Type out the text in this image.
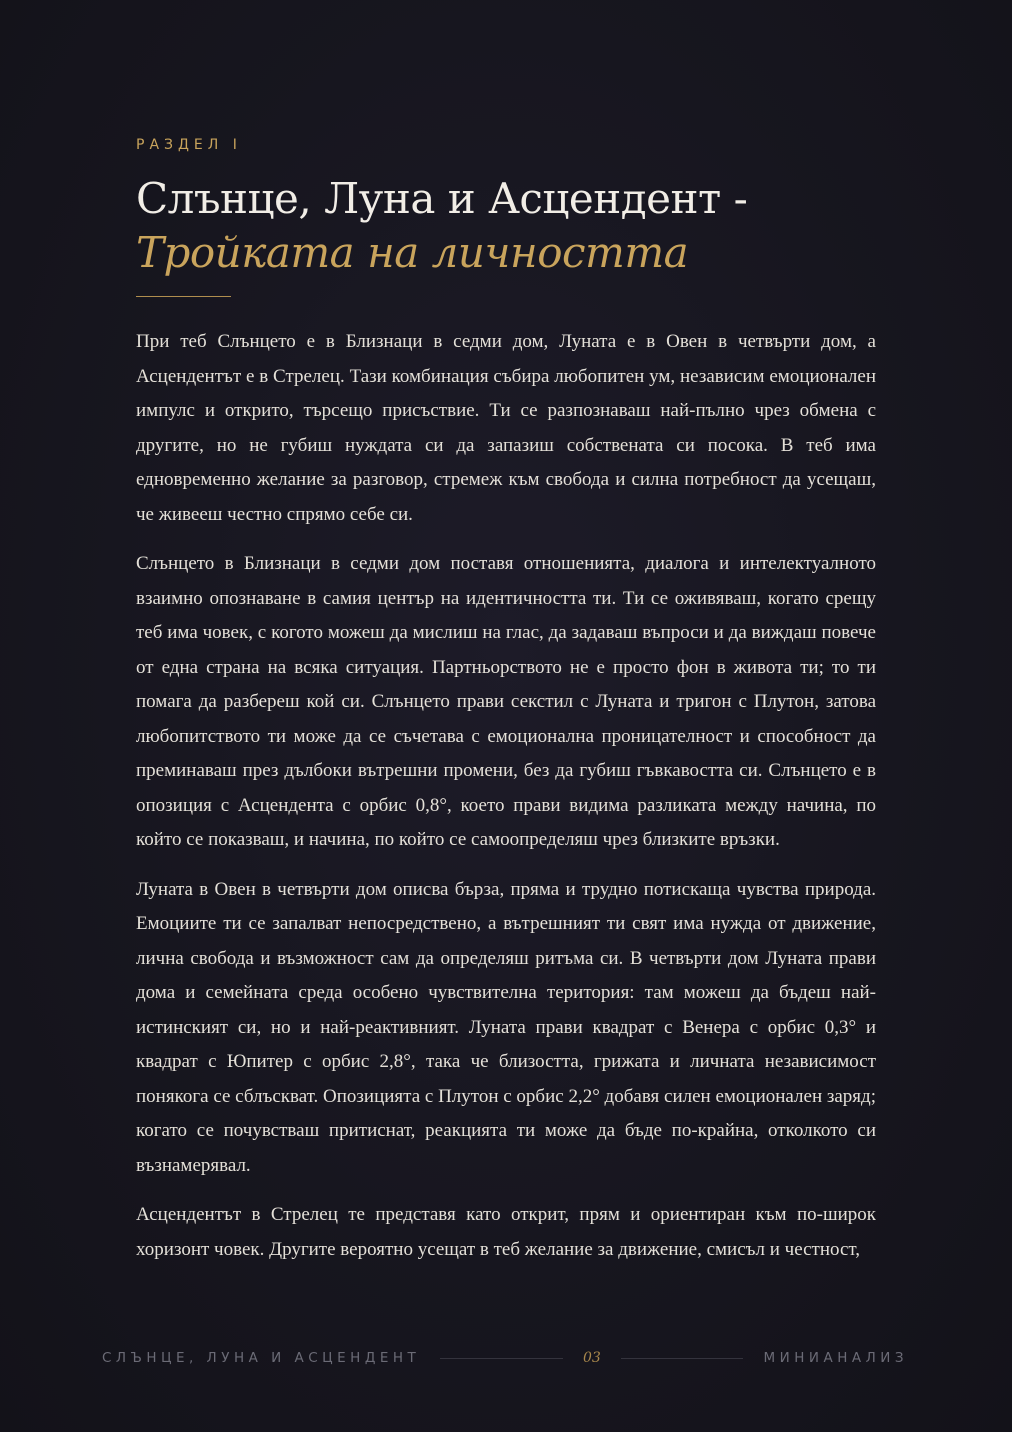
РАЗДЕЛ I
Слънце, Луна и Асцендент -
Тройката на личността

При теб Слънцето е в Близнаци в седми дом, Луната е в Овен в четвърти дом, а Асцендентът е в Стрелец. Тази комбинация събира любопитен ум, независим емоционален импулс и открито, търсещо присъствие. Ти се разпознаваш най-пълно чрез обмена с другите, но не губиш нуждата си да запазиш собствената си посока. В теб има едновременно желание за разговор, стремеж към свобода и силна потребност да усещаш, че живееш честно спрямо себе си.

Слънцето в Близнаци в седми дом поставя отношенията, диалога и интелектуалното взаимно опознаване в самия център на идентичността ти. Ти се оживяваш, когато срещу теб има човек, с когото можеш да мислиш на глас, да задаваш въпроси и да виждаш повече от една страна на всяка ситуация. Партньорството не е просто фон в живота ти; то ти помага да разбереш кой си. Слънцето прави секстил с Луната и тригон с Плутон, затова любопитството ти може да се съчетава с емоционална проницателност и способност да преминаваш през дълбоки вътрешни промени, без да губиш гъвкавостта си. Слънцето е в опозиция с Асцендента с орбис 0,8°, което прави видима разликата между начина, по който се показваш, и начина, по който се самоопределяш чрез близките връзки.

Луната в Овен в четвърти дом описва бърза, пряма и трудно потискаща чувства природа. Емоциите ти се запалват непосредствено, а вътрешният ти свят има нужда от движение, лична свобода и възможност сам да определяш ритъма си. В четвърти дом Луната прави дома и семейната среда особено чувствителна територия: там можеш да бъдеш най-истинският си, но и най-реактивният. Луната прави квадрат с Венера с орбис 0,3° и квадрат с Юпитер с орбис 2,8°, така че близостта, грижата и личната независимост понякога се сблъскват. Опозицията с Плутон с орбис 2,2° добавя силен емоционален заряд; когато се почувстваш притиснат, реакцията ти може да бъде по-крайна, отколкото си възнамерявал.

Асцендентът в Стрелец те представя като открит, прям и ориентиран към по-широк хоризонт човек. Другите вероятно усещат в теб желание за движение, смисъл и честност,

СЛЪНЦЕ, ЛУНА И АСЦЕНДЕНТ	03	МИНИАНАЛИЗ
